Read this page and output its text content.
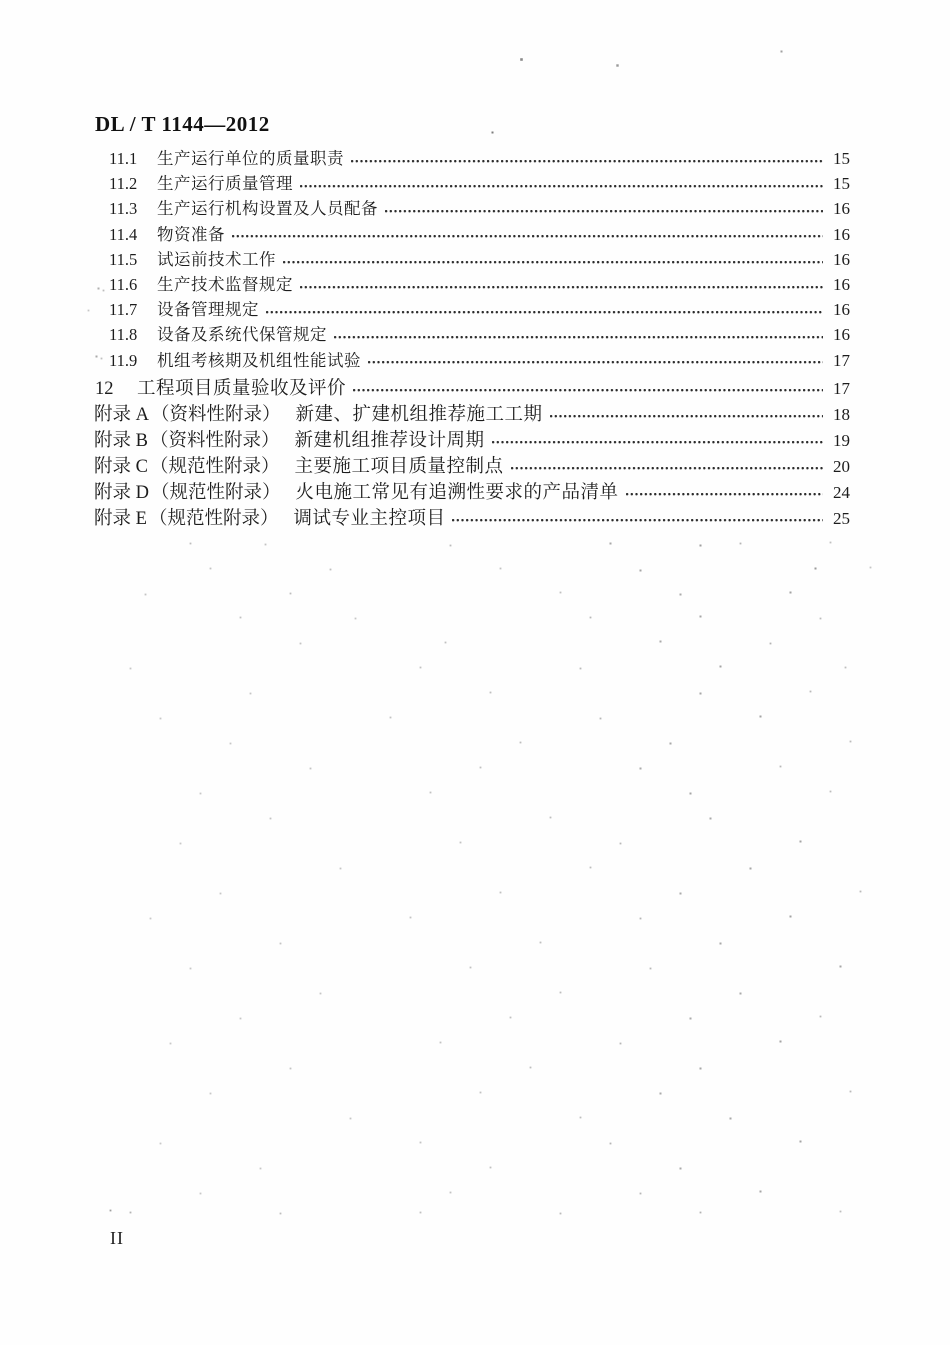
DL / T 1144—2012
11.1	生产运行单位的质量职责	15
11.2	生产运行质量管理	15
11.3	生产运行机构设置及人员配备	16
11.4	物资准备	16
11.5	试运前技术工作	16
11.6	生产技术监督规定	16
11.7	设备管理规定	16
11.8	设备及系统代保管规定	16
11.9	机组考核期及机组性能试验	17
12	工程项目质量验收及评价	17
附录 A （资料性附录） 新建、扩建机组推荐施工工期	18
附录 B （资料性附录） 新建机组推荐设计周期	19
附录 C （规范性附录） 主要施工项目质量控制点	20
附录 D （规范性附录） 火电施工常见有追溯性要求的产品清单	24
附录 E （规范性附录） 调试专业主控项目	25
II
